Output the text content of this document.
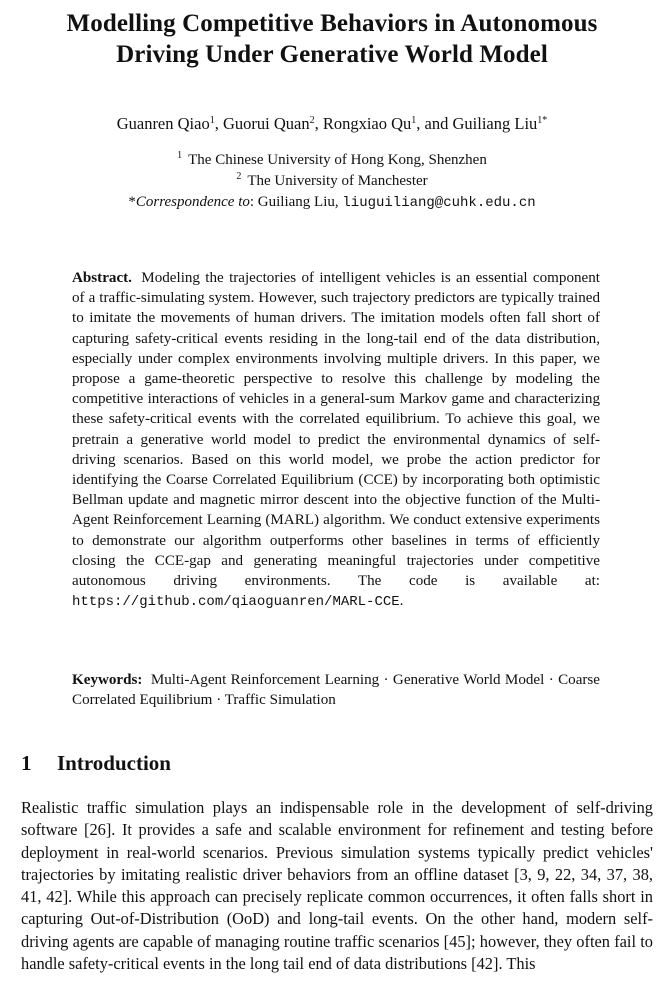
Modelling Competitive Behaviors in Autonomous
Driving Under Generative World Model
Guanren Qiao$^1$, Guorui Quan$^2$, Rongxiao Qu$^1$, and Guiliang Liu$^{1*}$
$^1$ The Chinese University of Hong Kong, Shenzhen
$^2$ The University of Manchester
*Correspondence to: Guiliang Liu, liuguiliang@cuhk.edu.cn
Abstract. Modeling the trajectories of intelligent vehicles is an essential component of a traffic-simulating system. However, such trajectory predictors are typically trained to imitate the movements of human drivers. The imitation models often fall short of capturing safety-critical events residing in the long-tail end of the data distribution, especially under complex environments involving multiple drivers. In this paper, we propose a game-theoretic perspective to resolve this challenge by modeling the competitive interactions of vehicles in a general-sum Markov game and characterizing these safety-critical events with the correlated equilibrium. To achieve this goal, we pretrain a generative world model to predict the environmental dynamics of self-driving scenarios. Based on this world model, we probe the action predictor for identifying the Coarse Correlated Equilibrium (CCE) by incorporating both optimistic Bellman update and magnetic mirror descent into the objective function of the Multi-Agent Reinforcement Learning (MARL) algorithm. We conduct extensive experiments to demonstrate our algorithm outperforms other baselines in terms of efficiently closing the CCE-gap and generating meaningful trajectories under competitive autonomous driving environments. The code is available at: https://github.com/qiaoguanren/MARL-CCE.
Keywords: Multi-Agent Reinforcement Learning · Generative World Model · Coarse Correlated Equilibrium · Traffic Simulation
1 Introduction
Realistic traffic simulation plays an indispensable role in the development of self-driving software [26]. It provides a safe and scalable environment for refinement and testing before deployment in real-world scenarios. Previous simulation systems typically predict vehicles' trajectories by imitating realistic driver behaviors from an offline dataset [3, 9, 22, 34, 37, 38, 41, 42]. While this approach can precisely replicate common occurrences, it often falls short in capturing Out-of-Distribution (OoD) and long-tail events. On the other hand, modern self-driving agents are capable of managing routine traffic scenarios [45]; however, they often fail to handle safety-critical events in the long tail end of data distributions [42]. This
